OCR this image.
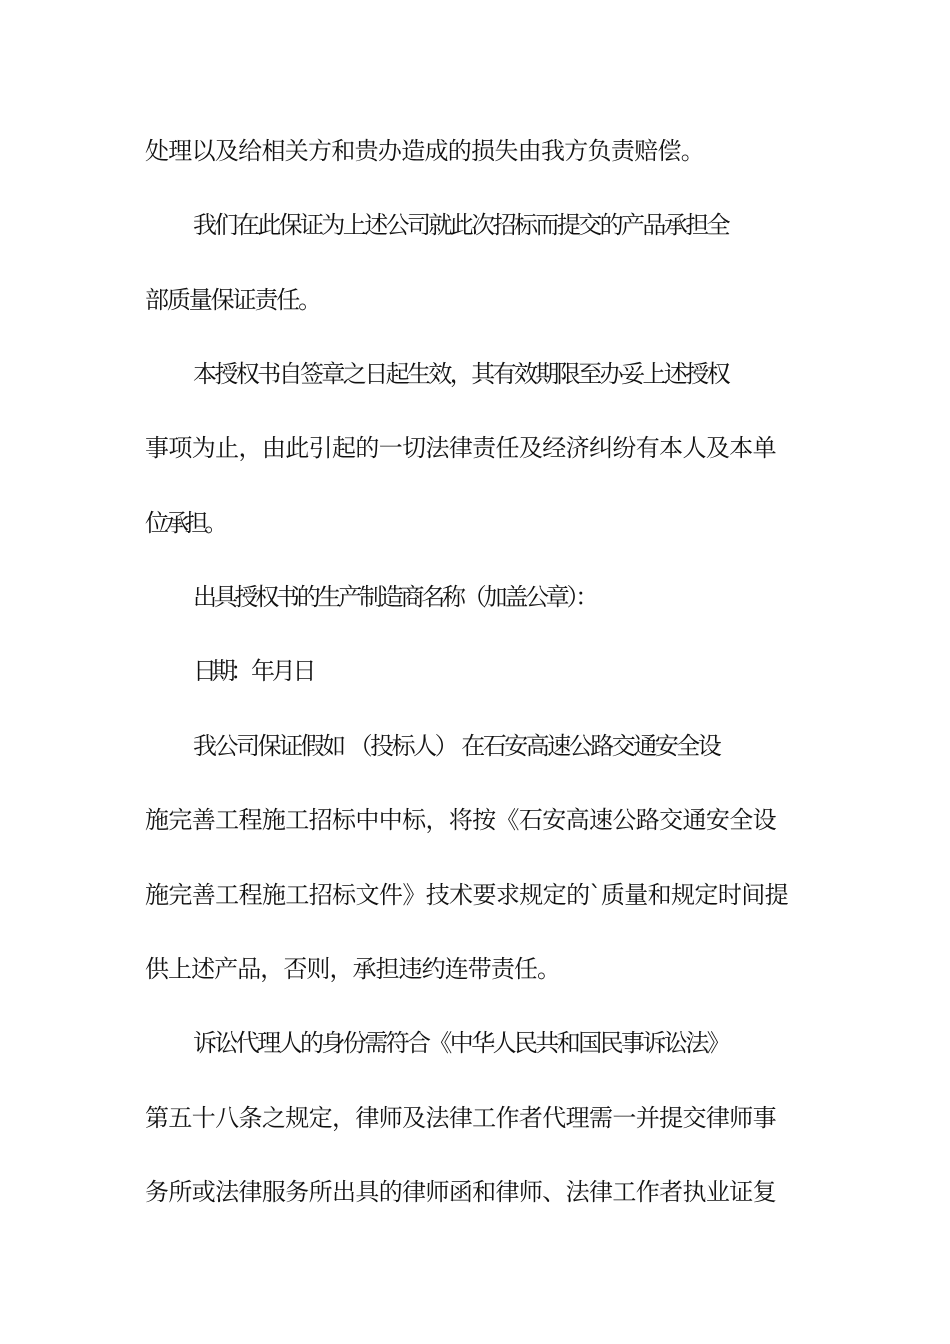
处理以及给相关方和贵办造成的损失由我方负责赔偿。
我们在此保证为上述公司就此次招标而提交的产品承担全
部质量保证责任。
本授权书自签章之日起生效，其有效期限至办妥上述授权
事项为止，由此引起的一切法律责任及经济纠纷有本人及本单
位承担。
出具授权书的生产制造商名称（加盖公章）：
日期： 年 月 日
我公司保证假如 （投标人） 在石安高速公路交通安全设
施完善工程施工招标中中标，将按《石安高速公路交通安全设
施完善工程施工招标文件》技术要求规定的`质量和规定时间提
供上述产品，否则，承担违约连带责任。
诉讼代理人的身份需符合《中华人民共和国民事诉讼法》
第五十八条之规定，律师及法律工作者代理需一并提交律师事
务所或法律服务所出具的律师函和律师、法律工作者执业证复
